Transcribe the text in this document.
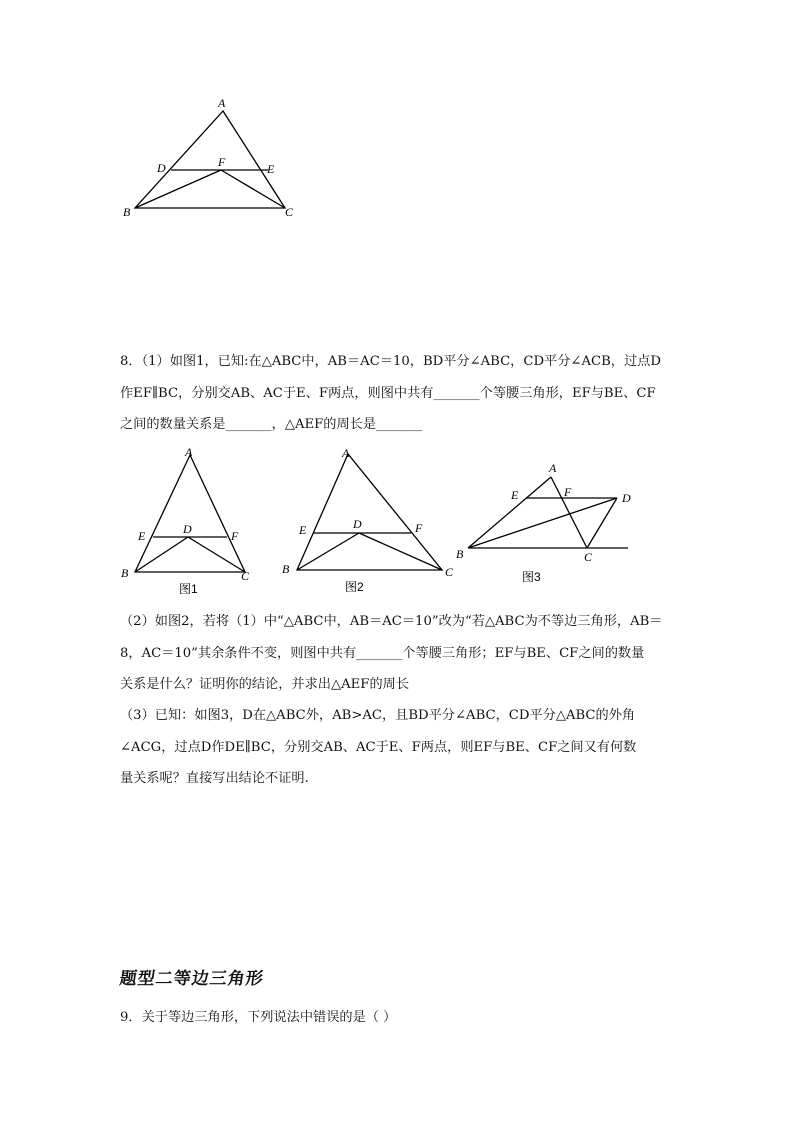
A
D	F	E
B	C

8．（1）如图1，已知:在△ABC中，AB＝AC＝10，BD平分∠ABC，CD平分∠ACB，过点D

作EF∥BC，分别交AB、AC于E、F两点，则图中共有_______个等腰三角形，EF与BE、CF

之间的数量关系是_______，△AEF的周长是_______

A
E	D	F
B	C
图1
A
E	D	F
B	C
图2
A
E	F	D
B	C
图3

（2）如图2，若将（1）中“△ABC中，AB＝AC＝10”改为“若△ABC为不等边三角形，AB＝

8，AC＝10”其余条件不变，则图中共有_______个等腰三角形；EF与BE、CF之间的数量

关系是什么？证明你的结论，并求出△AEF的周长

（3）已知：如图3，D在△ABC外，AB>AC，且BD平分∠ABC，CD平分△ABC的外角

∠ACG，过点D作DE∥BC，分别交AB、AC于E、F两点，则EF与BE、CF之间又有何数

量关系呢？直接写出结论不证明.

题型二等边三角形

9．关于等边三角形，下列说法中错误的是（ ）
